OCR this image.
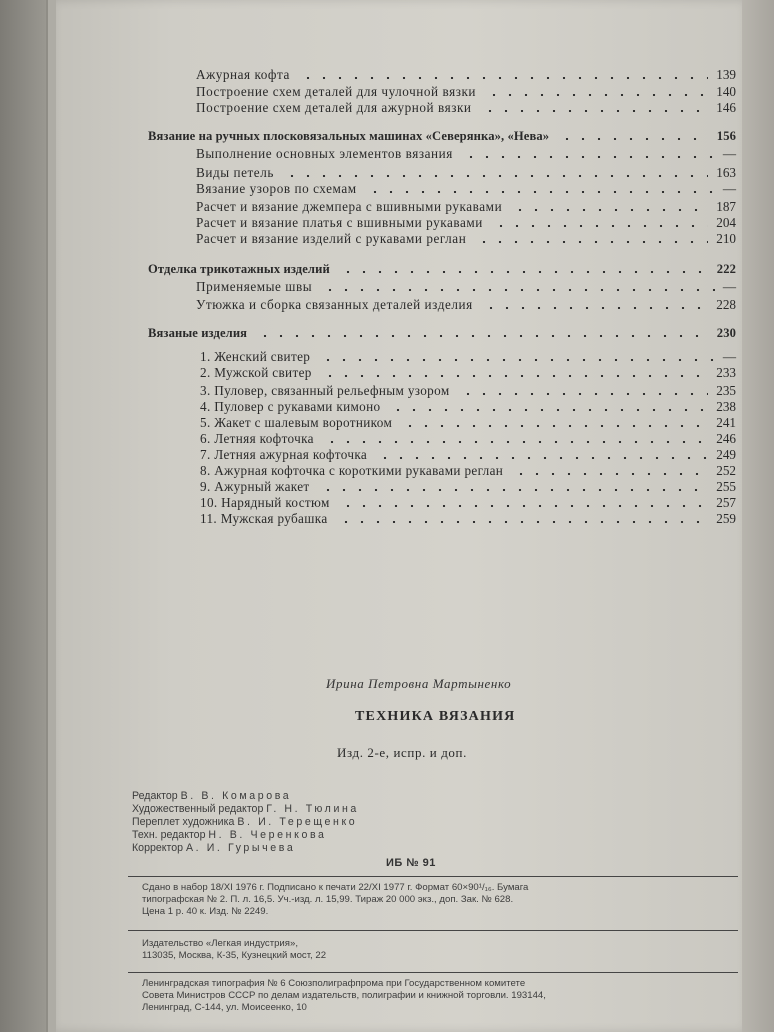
Ажурная кофта	139
Построение схем деталей для чулочной вязки	140
Построение схем деталей для ажурной вязки	146
Вязание на ручных плосковязальных машинах «Северянка», «Нева»	156
Выполнение основных элементов вязания	—
Виды петель	163
Вязание узоров по схемам	—
Расчет и вязание джемпера с вшивными рукавами	187
Расчет и вязание платья с вшивными рукавами	204
Расчет и вязание изделий с рукавами реглан	210
Отделка трикотажных изделий	222
Применяемые швы	—
Утюжка и сборка связанных деталей изделия	228
Вязаные изделия	230
1. Женский свитер	—
2. Мужской свитер	233
3. Пуловер, связанный рельефным узором	235
4. Пуловер с рукавами кимоно	238
5. Жакет с шалевым воротником	241
6. Летняя кофточка	246
7. Летняя ажурная кофточка	249
8. Ажурная кофточка с короткими рукавами реглан	252
9. Ажурный жакет	255
10. Нарядный костюм	257
11. Мужская рубашка	259
Ирина Петровна Мартыненко
ТЕХНИКА ВЯЗАНИЯ
Изд. 2-е, испр. и доп.
Редактор В. В. Комарова
Художественный редактор Г. Н. Тюлина
Переплет художника В. И. Терещенко
Техн. редактор Н. В. Черенкова
Корректор А. И. Гурычева
ИБ № 91
Сдано в набор 18/XI 1976 г. Подписано к печати 22/XI 1977 г. Формат 60×90¹/₁₆. Бумага
типографская № 2. П. л. 16,5. Уч.-изд. л. 15,99. Тираж 20 000 экз., доп. Зак. № 628.
Цена 1 р. 40 к. Изд. № 2249.
Издательство «Легкая индустрия»,
113035, Москва, К-35, Кузнецкий мост, 22
Ленинградская типография № 6 Союзполиграфпрома при Государственном комитете
Совета Министров СССР по делам издательств, полиграфии и книжной торговли. 193144,
Ленинград, С-144, ул. Моисеенко, 10
